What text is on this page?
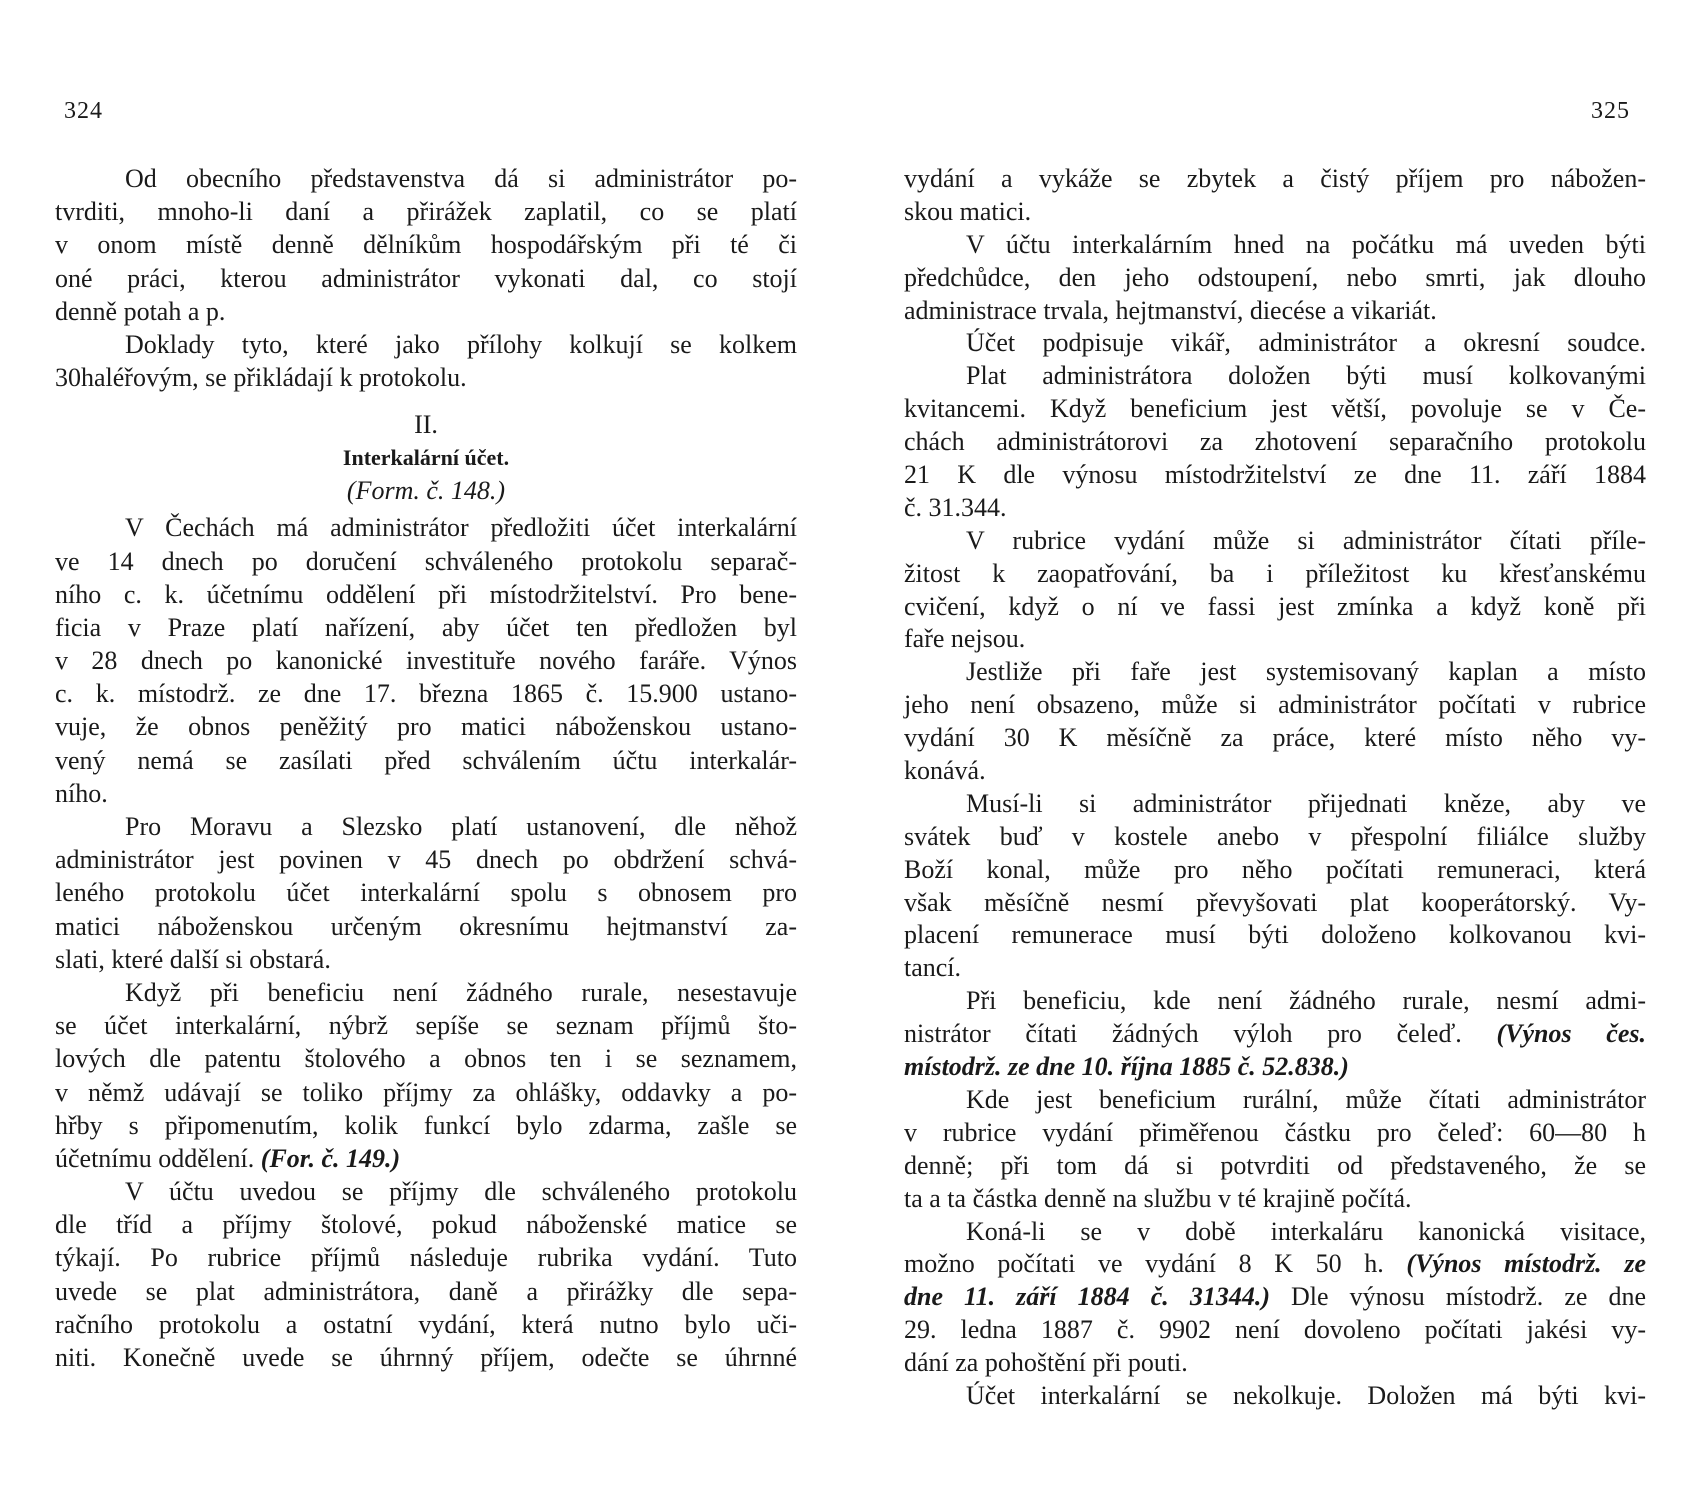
324	325
Od obecního představenstva dá si administrátor po-
tvrditi, mnoho-li daní a přirážek zaplatil, co se platí
v onom místě denně dělníkům hospodářským při té či
oné práci, kterou administrátor vykonati dal, co stojí
denně potah a p.
Doklady tyto, které jako přílohy kolkují se kolkem
30haléřovým, se přikládají k protokolu.
II.
Interkalární účet.
(Form. č. 148.)
V Čechách má administrátor předložiti účet interkalární
ve 14 dnech po doručení schváleného protokolu separač-
ního c. k. účetnímu oddělení při místodržitelství. Pro bene-
ficia v Praze platí nařízení, aby účet ten předložen byl
v 28 dnech po kanonické investituře nového faráře. Výnos
c. k. místodrž. ze dne 17. března 1865 č. 15.900 ustano-
vuje, že obnos peněžitý pro matici náboženskou ustano-
vený nemá se zasílati před schválením účtu interkalár-
ního.
Pro Moravu a Slezsko platí ustanovení, dle něhož
administrátor jest povinen v 45 dnech po obdržení schvá-
leného protokolu účet interkalární spolu s obnosem pro
matici náboženskou určeným okresnímu hejtmanství za-
slati, které další si obstará.
Když při beneficiu není žádného rurale, nesestavuje
se účet interkalární, nýbrž sepíše se seznam příjmů što-
lových dle patentu štolového a obnos ten i se seznamem,
v němž udávají se toliko příjmy za ohlášky, oddavky a po-
hřby s připomenutím, kolik funkcí bylo zdarma, zašle se
účetnímu oddělení. (For. č. 149.)
V účtu uvedou se příjmy dle schváleného protokolu
dle tříd a příjmy štolové, pokud náboženské matice se
týkají. Po rubrice příjmů následuje rubrika vydání. Tuto
uvede se plat administrátora, daně a přirážky dle sepa-
račního protokolu a ostatní vydání, která nutno bylo uči-
niti. Konečně uvede se úhrnný příjem, odečte se úhrnné
vydání a vykáže se zbytek a čistý příjem pro nábožen-
skou matici.
V účtu interkalárním hned na počátku má uveden býti
předchůdce, den jeho odstoupení, nebo smrti, jak dlouho
administrace trvala, hejtmanství, diecése a vikariát.
Účet podpisuje vikář, administrátor a okresní soudce.
Plat administrátora doložen býti musí kolkovanými
kvitancemi. Když beneficium jest větší, povoluje se v Če-
chách administrátorovi za zhotovení separačního protokolu
21 K dle výnosu místodržitelství ze dne 11. září 1884
č. 31.344.
V rubrice vydání může si administrátor čítati příle-
žitost k zaopatřování, ba i příležitost ku křesťanskému
cvičení, když o ní ve fassi jest zmínka a když koně při
faře nejsou.
Jestliže při faře jest systemisovaný kaplan a místo
jeho není obsazeno, může si administrátor počítati v rubrice
vydání 30 K měsíčně za práce, které místo něho vy-
konává.
Musí-li si administrátor přijednati kněze, aby ve
svátek buď v kostele anebo v přespolní filiálce služby
Boží konal, může pro něho počítati remuneraci, která
však měsíčně nesmí převyšovati plat kooperátorský. Vy-
placení remunerace musí býti doloženo kolkovanou kvi-
tancí.
Při beneficiu, kde není žádného rurale, nesmí admi-
nistrátor čítati žádných výloh pro čeleď. (Výnos čes.
místodrž. ze dne 10. října 1885 č. 52.838.)
Kde jest beneficium rurální, může čítati administrátor
v rubrice vydání přiměřenou částku pro čeleď: 60—80 h
denně; při tom dá si potvrditi od představeného, že se
ta a ta částka denně na službu v té krajině počítá.
Koná-li se v době interkaláru kanonická visitace,
možno počítati ve vydání 8 K 50 h. (Výnos místodrž. ze
dne 11. září 1884 č. 31344.) Dle výnosu místodrž. ze dne
29. ledna 1887 č. 9902 není dovoleno počítati jakési vy-
dání za pohoštění při pouti.
Účet interkalární se nekolkuje. Doložen má býti kvi-
